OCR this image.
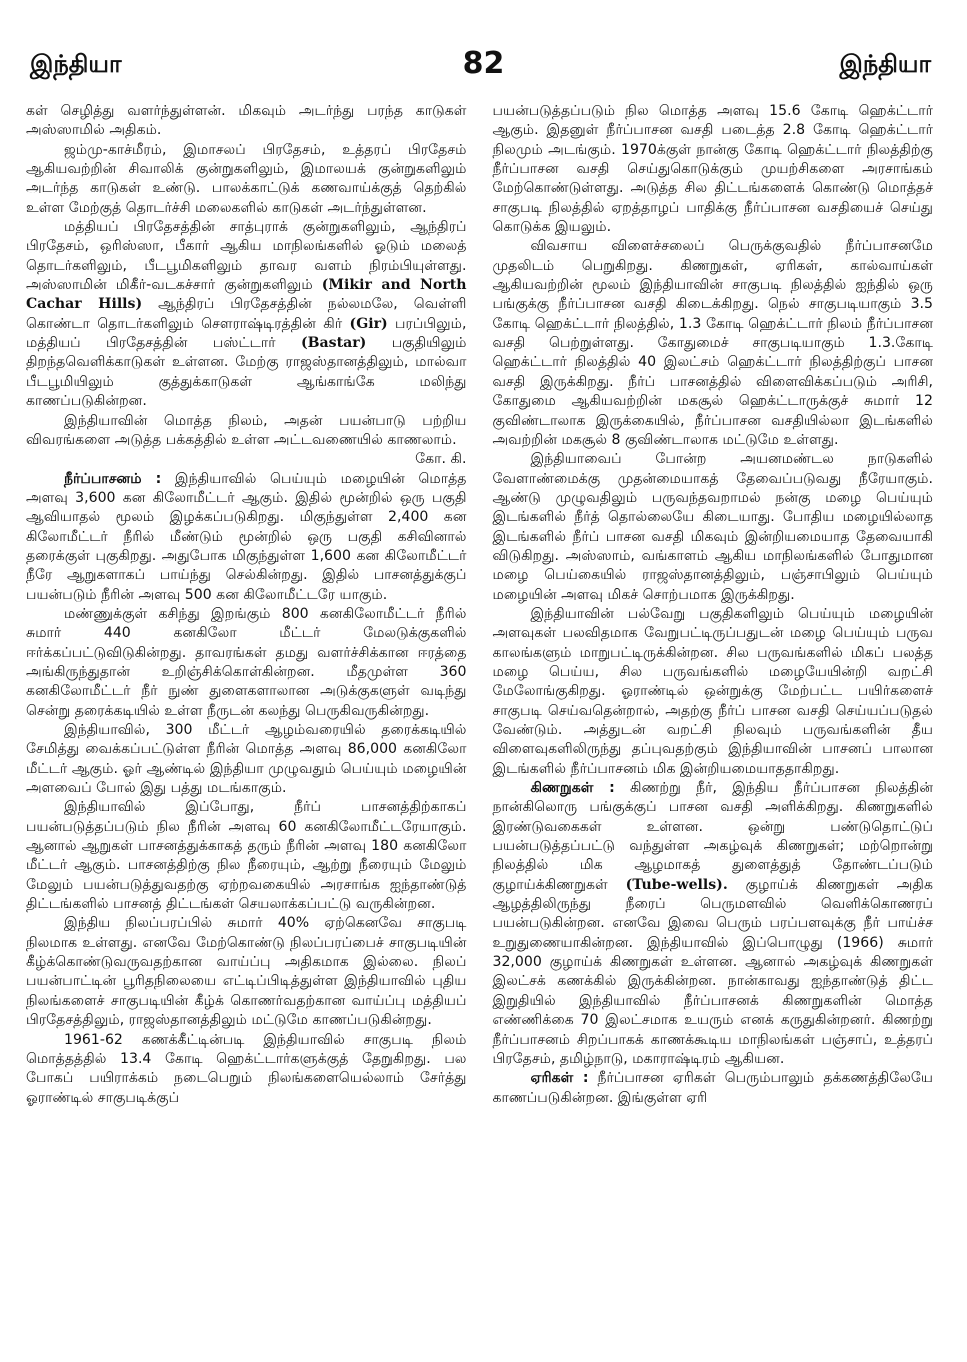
இந்தியா	82	இந்தியா

கள் செழித்து வளர்ந்துள்ளன். மிகவும் அடர்ந்து பரந்த காடுகள் அஸ்ஸாமில் அதிகம்.

ஜம்மு-காச்மீரம், இமாசலப் பிரதேசம், உத்தரப் பிரதேசம் ஆகியவற்றின் சிவாலிக் குன்றுகளிலும், இமாலயக் குன்றுகளிலும் அடர்ந்த காடுகள் உண்டு. பாலக்காட்டுக் கணவாய்க்குத் தெற்கில் உள்ள மேற்குத் தொடர்ச்சி மலைகளில் காடுகள் அடர்ந்துள்ளன.

மத்தியப் பிரதேசத்தின் சாத்புராக் குன்றுகளிலும், ஆந்திரப் பிரதேசம், ஒரிஸ்ஸா, பீகார் ஆகிய மாநிலங்களில் ஓடும் மலைத் தொடர்களிலும், பீடபூமிகளிலும் தாவர வளம் நிரம்பியுள்ளது. அஸ்ஸாமின் மிகீர்-வடகச்சார் குன்றுகளிலும் (Mikir and North Cachar Hills) ஆந்திரப் பிரதேசத்தின் நல்லமலே, வெள்ளி கொண்டா தொடர்களிலும் சௌராஷ்டிரத்தின் கிர் (Gir) பரப்பிலும், மத்தியப் பிரதேசத்தின் பஸ்ட்டார் (Bastar) பகுதியிலும் திறந்தவெளிக்காடுகள் உள்ளன. மேற்கு ராஜஸ்தானத்திலும், மால்வா பீடபூமியிலும் குத்துக்காடுகள் ஆங்காங்கே மலிந்து காணப்படுகின்றன.

இந்தியாவின் மொத்த நிலம், அதன் பயன்பாடு பற்றிய விவரங்களை அடுத்த பக்கத்தில் உள்ள அட்டவணையில் காணலாம்.

கோ. கி.

நீர்ப்பாசனம் : இந்தியாவில் பெய்யும் மழையின் மொத்த அளவு 3,600 கன கிலோமீட்டர் ஆகும். இதில் மூன்றில் ஒரு பகுதி ஆவியாதல் மூலம் இழக்கப்படுகிறது. மிகுந்துள்ள 2,400 கன கிலோமீட்டர் நீரில் மீண்டும் மூன்றில் ஒரு பகுதி கசிவினால் தரைக்குள் புகுகிறது. அதுபோக மிகுந்துள்ள 1,600 கன கிலோமீட்டர் நீரே ஆறுகளாகப் பாய்ந்து செல்கின்றது. இதில் பாசனத்துக்குப் பயன்படும் நீரின் அளவு 500 கன கிலோமீட்டரே யாகும்.

மண்ணுக்குள் கசிந்து இறங்கும் 800 கனகிலோமீட்டர் நீரில் சுமார் 440 கனகிலோ மீட்டர் மேலடுக்குகளில் ஈர்க்கப்பட்டுவிடுகின்றது. தாவரங்கள் தமது வளர்ச்சிக்கான ஈரத்தை அங்கிருந்துதான் உறிஞ்சிக்கொள்கின்றன. மீதமுள்ள 360 கனகிலோமீட்டர் நீர் நுண் துளைகளாலான அடுக்குகளுள் வடிந்து சென்று தரைக்கடியில் உள்ள நீருடன் கலந்து பெருகிவருகின்றது.

இந்தியாவில், 300 மீட்டர் ஆழம்வரையில் தரைக்கடியில் சேமித்து வைக்கப்பட்டுள்ள நீரின் மொத்த அளவு 86,000 கனகிலோ மீட்டர் ஆகும். ஓர் ஆண்டில் இந்தியா முழுவதும் பெய்யும் மழையின் அளவைப் போல் இது பத்து மடங்காகும்.

இந்தியாவில் இப்போது, நீர்ப் பாசனத்திற்காகப் பயன்படுத்தப்படும் நில நீரின் அளவு 60 கனகிலோமீட்டரேயாகும். ஆனால் ஆறுகள் பாசனத்துக்காகத் தரும் நீரின் அளவு 180 கனகிலோ மீட்டர் ஆகும். பாசனத்திற்கு நில நீரையும், ஆற்று நீரையும் மேலும் மேலும் பயன்படுத்துவதற்கு ஏற்றவகையில் அரசாங்க ஐந்தாண்டுத் திட்டங்களில் பாசனத் திட்டங்கள் செயலாக்கப்பட்டு வருகின்றன.

இந்திய நிலப்பரப்பில் சுமார் 40% ஏற்கெனவே சாகுபடி நிலமாக உள்ளது. எனவே மேற்கொண்டு நிலப்பரப்பைச் சாகுபடியின் கீழ்க்கொண்டுவருவதற்கான வாய்ப்பு அதிகமாக இல்லை. நிலப் பயன்பாட்டின் பூரிதநிலையை எட்டிப்பிடித்துள்ள இந்தியாவில் புதிய நிலங்களைச் சாகுபடியின் கீழ்க் கொணர்வதற்கான வாய்ப்பு மத்தியப் பிரதேசத்திலும், ராஜஸ்தானத்திலும் மட்டுமே காணப்படுகின்றது.

1961-62 கணக்கீட்டின்படி இந்தியாவில் சாகுபடி நிலம் மொத்தத்தில் 13.4 கோடி ஹெக்ட்டார்களுக்குத் தேறுகிறது. பல போகப் பயிராக்கம் நடைபெறும் நிலங்களையெல்லாம் சேர்த்து ஓராண்டில் சாகுபடிக்குப்

பயன்படுத்தப்படும் நில மொத்த அளவு 15.6 கோடி ஹெக்ட்டார் ஆகும். இதனுள் நீர்ப்பாசன வசதி படைத்த 2.8 கோடி ஹெக்ட்டார் நிலமும் அடங்கும். 1970க்குள் நான்கு கோடி ஹெக்ட்டார் நிலத்திற்கு நீர்ப்பாசன வசதி செய்துகொடுக்கும் முயற்சிகளை அரசாங்கம் மேற்கொண்டுள்ளது. அடுத்த சில திட்டங்களைக் கொண்டு மொத்தச் சாகுபடி நிலத்தில் ஏறத்தாழப் பாதிக்கு நீர்ப்பாசன வசதியைச் செய்து கொடுக்க இயலும்.

விவசாய விளைச்சலைப் பெருக்குவதில் நீர்ப்பாசனமே முதலிடம் பெறுகிறது. கிணறுகள், ஏரிகள், கால்வாய்கள் ஆகியவற்றின் மூலம் இந்தியாவின் சாகுபடி நிலத்தில் ஐந்தில் ஒரு பங்குக்கு நீர்ப்பாசன வசதி கிடைக்கிறது. நெல் சாகுபடியாகும் 3.5 கோடி ஹெக்ட்டார் நிலத்தில், 1.3 கோடி ஹெக்ட்டார் நிலம் நீர்ப்பாசன வசதி பெற்றுள்ளது. கோதுமைச் சாகுபடியாகும் 1.3.கோடி ஹெக்ட்டார் நிலத்தில் 40 இலட்சம் ஹெக்ட்டார் நிலத்திற்குப் பாசன வசதி இருக்கிறது. நீர்ப் பாசனத்தில் விளைவிக்கப்படும் அரிசி, கோதுமை ஆகியவற்றின் மகசூல் ஹெக்ட்டாருக்குச் சுமார் 12 குவிண்டாலாக இருக்கையில், நீர்ப்பாசன வசதியில்லா இடங்களில் அவற்றின் மகசூல் 8 குவிண்டாலாக மட்டுமே உள்ளது.

இந்தியாவைப் போன்ற அயனமண்டல நாடுகளில் வேளாண்மைக்கு முதன்மையாகத் தேவைப்படுவது நீரேயாகும். ஆண்டு முழுவதிலும் பருவந்தவறாமல் நன்கு மழை பெய்யும் இடங்களில் நீர்த் தொல்லையே கிடையாது. போதிய மழையில்லாத இடங்களில் நீர்ப் பாசன வசதி மிகவும் இன்றியமையாத தேவையாகி விடுகிறது. அஸ்ஸாம், வங்காளம் ஆகிய மாநிலங்களில் போதுமான மழை பெய்கையில் ராஜஸ்தானத்திலும், பஞ்சாபிலும் பெய்யும் மழையின் அளவு மிகச் சொற்பமாக இருக்கிறது.

இந்தியாவின் பல்வேறு பகுதிகளிலும் பெய்யும் மழையின் அளவுகள் பலவிதமாக வேறுபட்டிருப்பதுடன் மழை பெய்யும் பருவ காலங்களும் மாறுபட்டிருக்கின்றன. சில பருவங்களில் மிகப் பலத்த மழை பெய்ய, சில பருவங்களில் மழையேயின்றி வறட்சி மேலோங்குகிறது. ஓராண்டில் ஒன்றுக்கு மேற்பட்ட பயிர்களைச் சாகுபடி செய்வதென்றால், அதற்கு நீர்ப் பாசன வசதி செய்யப்படுதல் வேண்டும். அத்துடன் வறட்சி நிலவும் பருவங்களின் தீய விளைவுகளிலிருந்து தப்புவதற்கும் இந்தியாவின் பாசனப் பாலான இடங்களில் நீர்ப்பாசனம் மிக இன்றியமையாததாகிறது.

கிணறுகள் : கிணற்று நீர், இந்திய நீர்ப்பாசன நிலத்தின் நான்கிலொரு பங்குக்குப் பாசன வசதி அளிக்கிறது. கிணறுகளில் இரண்டுவகைகள் உள்ளன. ஒன்று பண்டுதொட்டுப் பயன்படுத்தப்பட்டு வந்துள்ள அகழ்வுக் கிணறுகள்; மற்றொன்று நிலத்தில் மிக ஆழமாகத் துளைத்துத் தோண்டப்படும் குழாய்க்கிணறுகள் (Tube-wells). குழாய்க் கிணறுகள் அதிக ஆழத்திலிருந்து நீரைப் பெருமளவில் வெளிக்கொணரப் பயன்படுகின்றன. எனவே இவை பெரும் பரப்பளவுக்கு நீர் பாய்ச்ச உறுதுணையாகின்றன. இந்தியாவில் இப்பொழுது (1966) சுமார் 32,000 குழாய்க் கிணறுகள் உள்ளன. ஆனால் அகழ்வுக் கிணறுகள் இலட்சக் கணக்கில் இருக்கின்றன. நான்காவது ஐந்தாண்டுத் திட்ட இறுதியில் இந்தியாவில் நீர்ப்பாசனக் கிணறுகளின் மொத்த எண்ணிக்கை 70 இலட்சமாக உயரும் எனக் கருதுகின்றனர். கிணற்று நீர்ப்பாசனம் சிறப்பாகக் காணக்கூடிய மாநிலங்கள் பஞ்சாப், உத்தரப் பிரதேசம், தமிழ்நாடு, மகாராஷ்டிரம் ஆகியன.

ஏரிகள் : நீர்ப்பாசன ஏரிகள் பெரும்பாலும் தக்கணத்திலேயே காணப்படுகின்றன. இங்குள்ள ஏரி
